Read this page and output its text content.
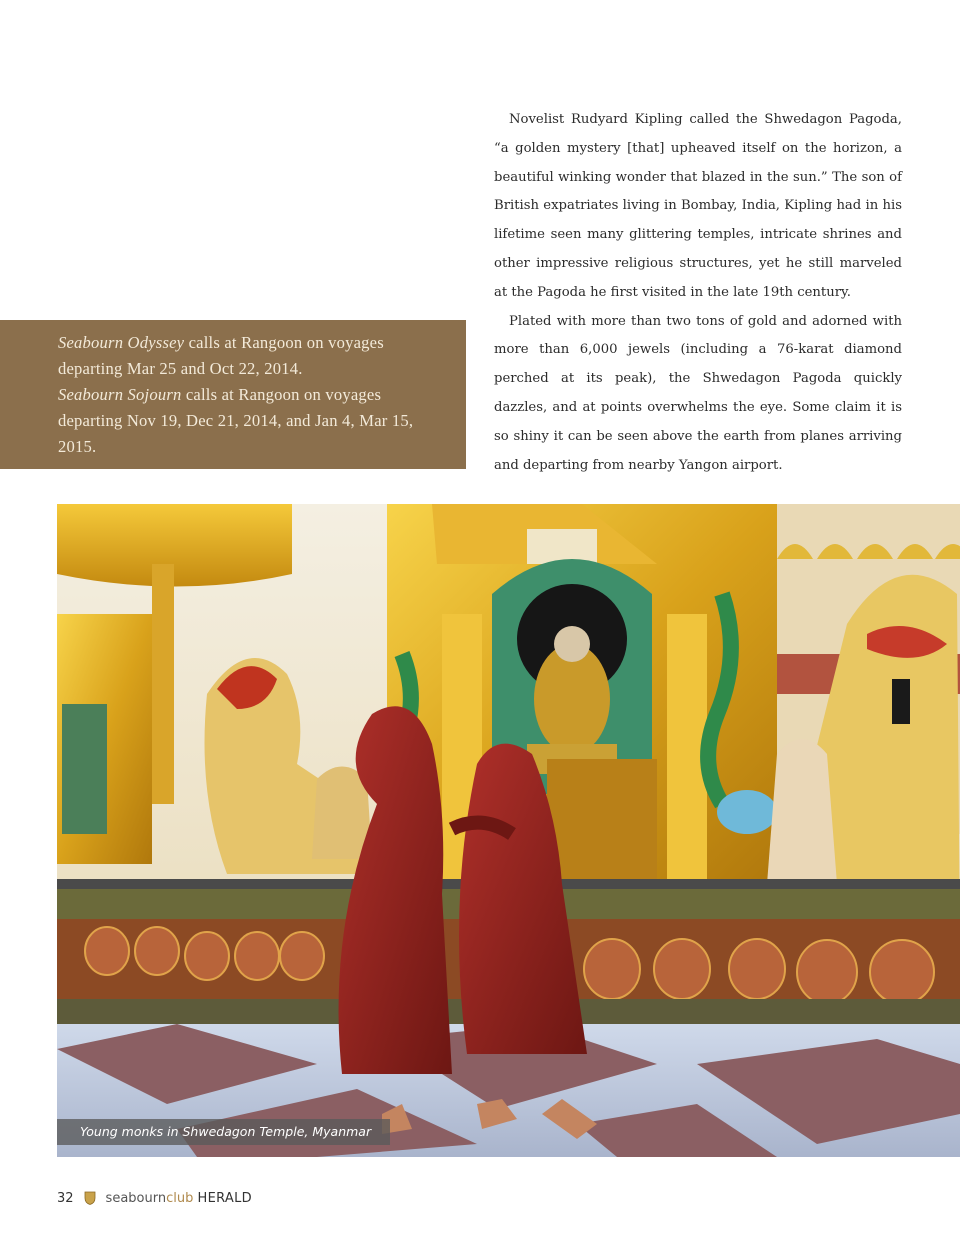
Novelist Rudyard Kipling called the Shwedagon Pagoda, “a golden mystery [that] upheaved itself on the horizon, a beautiful winking wonder that blazed in the sun.” The son of British expatriates living in Bombay, India, Kipling had in his lifetime seen many glittering temples, intricate shrines and other impressive religious structures, yet he still marveled at the Pagoda he first visited in the late 19th century.

Plated with more than two tons of gold and adorned with more than 6,000 jewels (including a 76-karat diamond perched at its peak), the Shwedagon Pagoda quickly dazzles, and at points overwhelms the eye. Some claim it is so shiny it can be seen above the earth from planes arriving and departing from nearby Yangon airport.

Seabourn Odyssey calls at Rangoon on voyages departing Mar 25 and Oct 22, 2014.
Seabourn Sojourn calls at Rangoon on voyages departing Nov 19, Dec 21, 2014, and Jan 4, Mar 15, 2015.
Young monks in Shwedagon Temple, Myanmar
32 seabournclub HERALD
